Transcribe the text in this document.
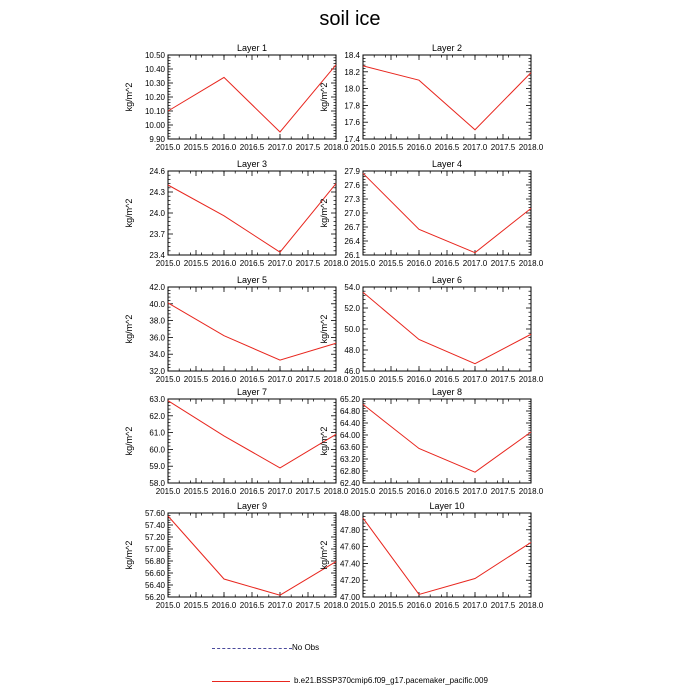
soil ice
Layer 1
kg/m^2
2015.0 2015.5 2016.0 2016.5 2017.0 2017.5 2018.0
9.90
10.00
10.10
10.20
10.30
10.40
10.50
Layer 2
kg/m^2
2015.0 2015.5 2016.0 2016.5 2017.0 2017.5 2018.0
17.4
17.6
17.8
18.0
18.2
18.4
Layer 3
kg/m^2
2015.0 2015.5 2016.0 2016.5 2017.0 2017.5 2018.0
23.4
23.7
24.0
24.3
24.6
Layer 4
kg/m^2
2015.0 2015.5 2016.0 2016.5 2017.0 2017.5 2018.0
26.1
26.4
26.7
27.0
27.3
27.6
27.9
Layer 5
kg/m^2
2015.0 2015.5 2016.0 2016.5 2017.0 2017.5 2018.0
32.0
34.0
36.0
38.0
40.0
42.0
Layer 6
kg/m^2
2015.0 2015.5 2016.0 2016.5 2017.0 2017.5 2018.0
46.0
48.0
50.0
52.0
54.0
Layer 7
kg/m^2
2015.0 2015.5 2016.0 2016.5 2017.0 2017.5 2018.0
58.0
59.0
60.0
61.0
62.0
63.0
Layer 8
kg/m^2
2015.0 2015.5 2016.0 2016.5 2017.0 2017.5 2018.0
62.40
62.80
63.20
63.60
64.00
64.40
64.80
65.20
Layer 9
kg/m^2
2015.0 2015.5 2016.0 2016.5 2017.0 2017.5 2018.0
56.20
56.40
56.60
56.80
57.00
57.20
57.40
57.60
Layer 10
kg/m^2
2015.0 2015.5 2016.0 2016.5 2017.0 2017.5 2018.0
47.00
47.20
47.40
47.60
47.80
48.00
No Obs
b.e21.BSSP370cmip6.f09_g17.pacemaker_pacific.009
